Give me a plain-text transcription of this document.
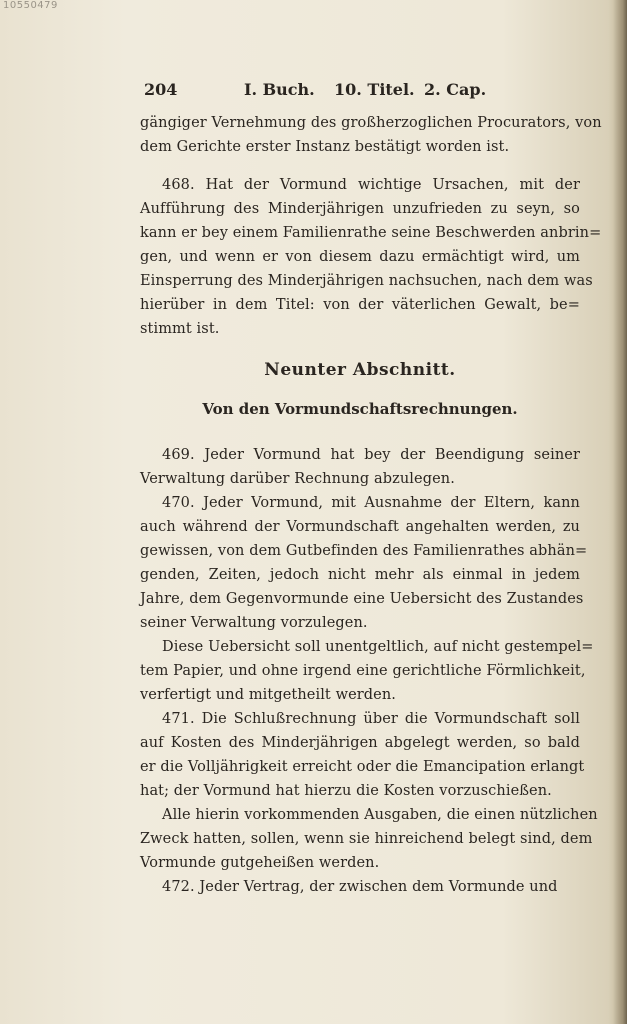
10550479
204	I. Buch. 10. Titel. 2. Cap.
gängiger Vernehmung des großherzoglichen Procurators, von
dem Gerichte erster Instanz bestätigt worden ist.
468. Hat der Vormund wichtige Ursachen, mit der
Aufführung des Minderjährigen unzufrieden zu seyn, so
kann er bey einem Familienrathe seine Beschwerden anbrin=
gen, und wenn er von diesem dazu ermächtigt wird, um
Einsperrung des Minderjährigen nachsuchen, nach dem was
hierüber in dem Titel: von der väterlichen Gewalt, be=
stimmt ist.
Neunter Abschnitt.
Von den Vormundschaftsrechnungen.
469. Jeder Vormund hat bey der Beendigung seiner
Verwaltung darüber Rechnung abzulegen.
470. Jeder Vormund, mit Ausnahme der Eltern, kann
auch während der Vormundschaft angehalten werden, zu
gewissen, von dem Gutbefinden des Familienrathes abhän=
genden, Zeiten, jedoch nicht mehr als einmal in jedem
Jahre, dem Gegenvormunde eine Uebersicht des Zustandes
seiner Verwaltung vorzulegen.
Diese Uebersicht soll unentgeltlich, auf nicht gestempel=
tem Papier, und ohne irgend eine gerichtliche Förmlichkeit,
verfertigt und mitgetheilt werden.
471. Die Schlußrechnung über die Vormundschaft soll
auf Kosten des Minderjährigen abgelegt werden, so bald
er die Volljährigkeit erreicht oder die Emancipation erlangt
hat; der Vormund hat hierzu die Kosten vorzuschießen.
Alle hierin vorkommenden Ausgaben, die einen nützlichen
Zweck hatten, sollen, wenn sie hinreichend belegt sind, dem
Vormunde gutgeheißen werden.
472. Jeder Vertrag, der zwischen dem Vormunde und
